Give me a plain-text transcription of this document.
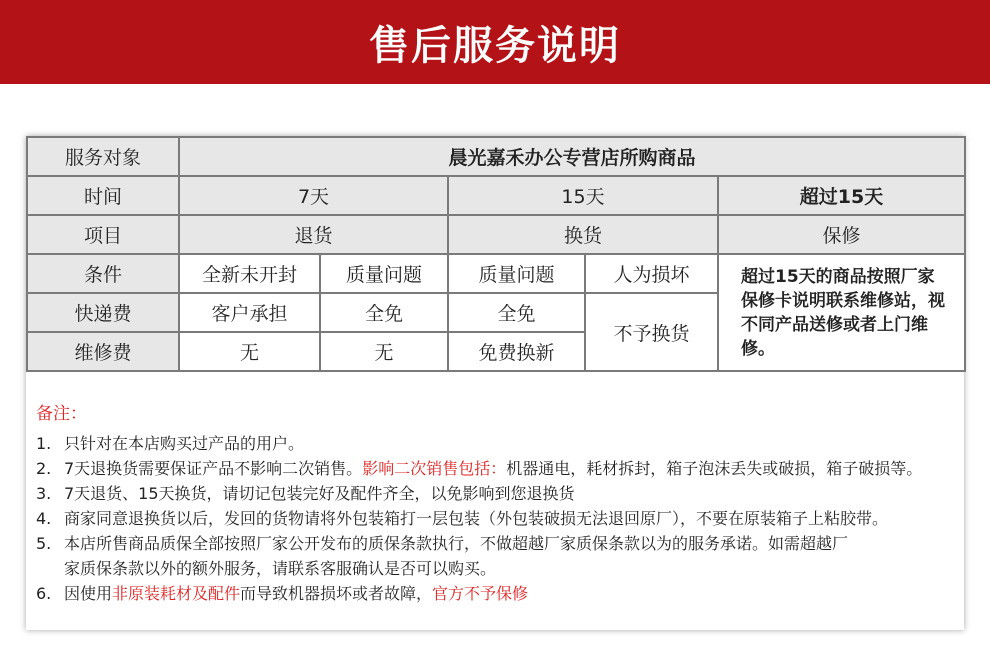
售后服务说明
服务对象	晨光嘉禾办公专营店所购商品				
时间	7天		15天		超过15天
项目	退货		换货		保修
条件	全新未开封	质量问题	质量问题	人为损坏	超过15天的商品按照厂家保修卡说明联系维修站，视不同产品送修或者上门维修。
快递费	客户承担	全免	全免	不予换货	
维修费	无	无	免费换新		
备注：
1. 只针对在本店购买过产品的用户。
2. 7天退换货需要保证产品不影响二次销售。影响二次销售包括：机器通电，耗材拆封，箱子泡沫丢失或破损，箱子破损等。
3. 7天退货、15天换货，请切记包装完好及配件齐全，以免影响到您退换货
4. 商家同意退换货以后，发回的货物请将外包装箱打一层包装（外包装破损无法退回原厂），不要在原装箱子上粘胶带。
5. 本店所售商品质保全部按照厂家公开发布的质保条款执行，不做超越厂家质保条款以为的服务承诺。如需超越厂
家质保条款以外的额外服务，请联系客服确认是否可以购买。
6. 因使用非原装耗材及配件而导致机器损坏或者故障，官方不予保修
